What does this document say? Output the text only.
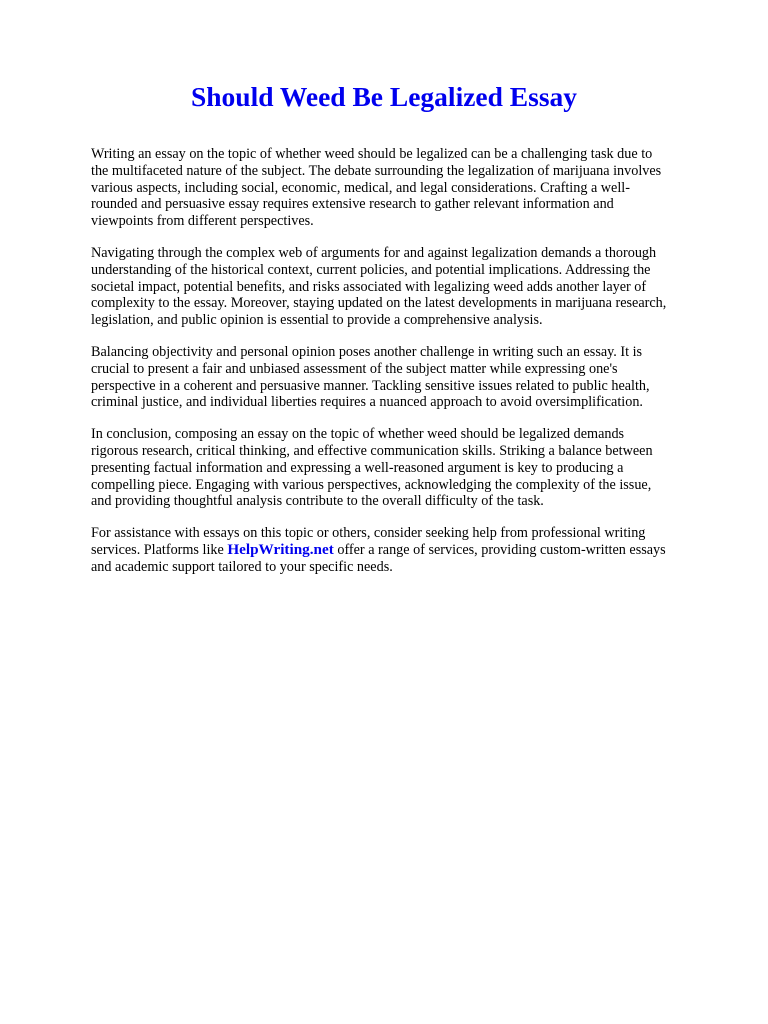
Should Weed Be Legalized Essay

Writing an essay on the topic of whether weed should be legalized can be a challenging task due to
the multifaceted nature of the subject. The debate surrounding the legalization of marijuana involves
various aspects, including social, economic, medical, and legal considerations. Crafting a well-
rounded and persuasive essay requires extensive research to gather relevant information and
viewpoints from different perspectives.

Navigating through the complex web of arguments for and against legalization demands a thorough
understanding of the historical context, current policies, and potential implications. Addressing the
societal impact, potential benefits, and risks associated with legalizing weed adds another layer of
complexity to the essay. Moreover, staying updated on the latest developments in marijuana research,
legislation, and public opinion is essential to provide a comprehensive analysis.

Balancing objectivity and personal opinion poses another challenge in writing such an essay. It is
crucial to present a fair and unbiased assessment of the subject matter while expressing one's
perspective in a coherent and persuasive manner. Tackling sensitive issues related to public health,
criminal justice, and individual liberties requires a nuanced approach to avoid oversimplification.

In conclusion, composing an essay on the topic of whether weed should be legalized demands
rigorous research, critical thinking, and effective communication skills. Striking a balance between
presenting factual information and expressing a well-reasoned argument is key to producing a
compelling piece. Engaging with various perspectives, acknowledging the complexity of the issue,
and providing thoughtful analysis contribute to the overall difficulty of the task.

For assistance with essays on this topic or others, consider seeking help from professional writing
services. Platforms like HelpWriting.net offer a range of services, providing custom-written essays
and academic support tailored to your specific needs.
